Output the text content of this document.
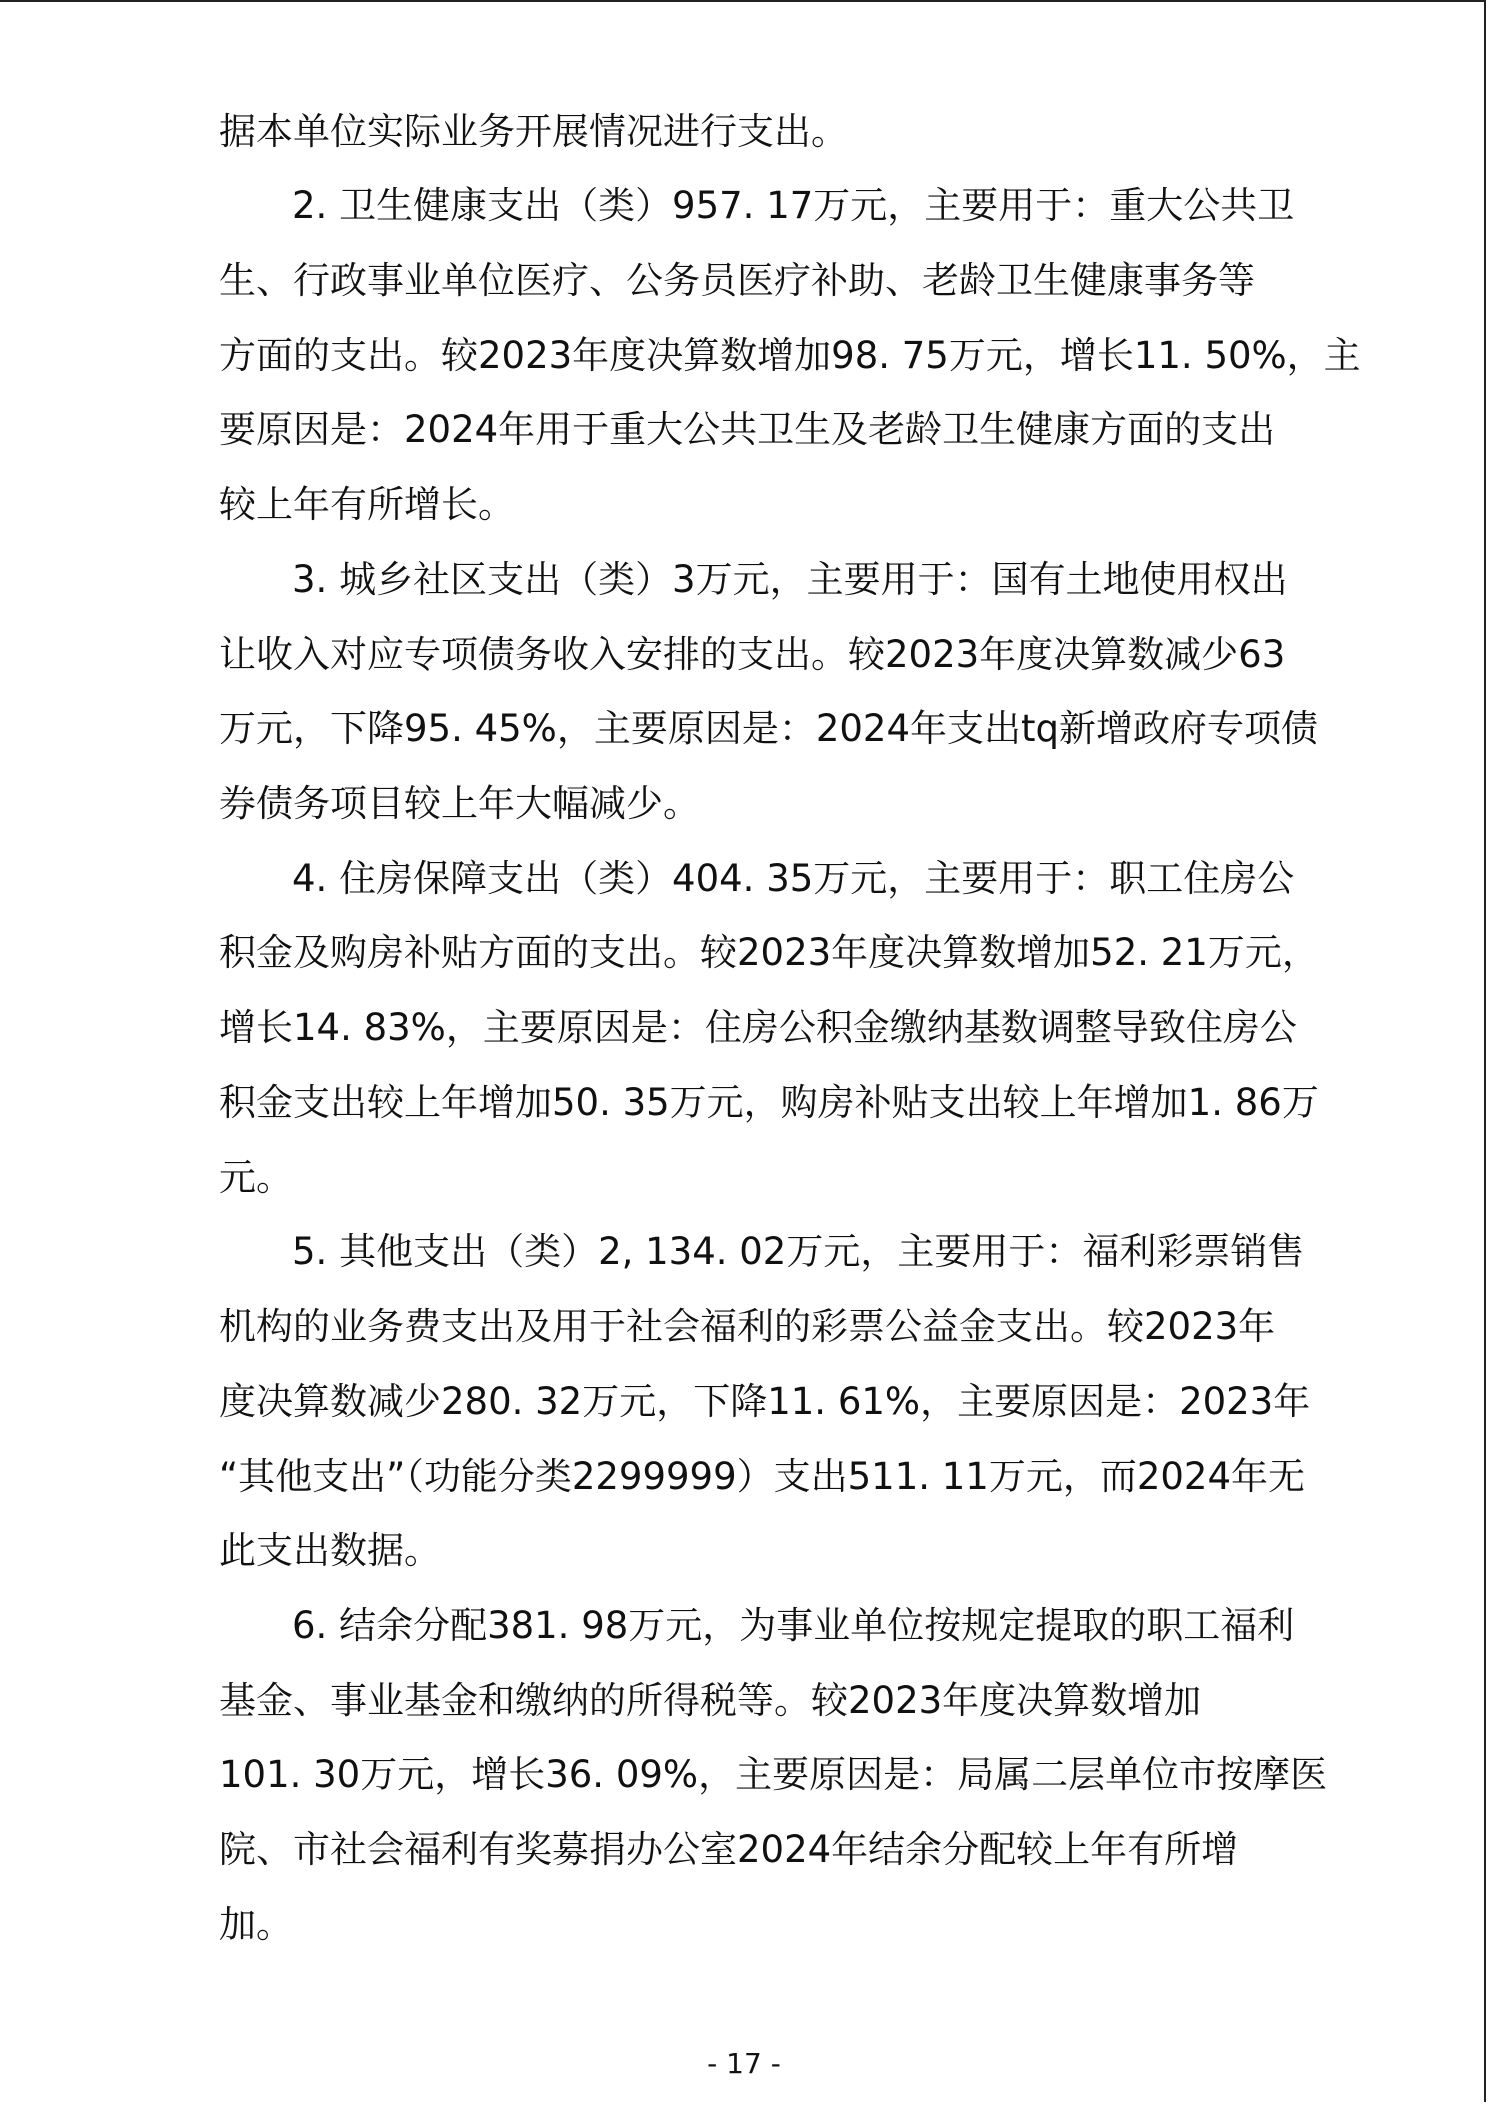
据本单位实际业务开展情况进行支出。
2. 卫生健康支出（类）957. 17万元，主要用于：重大公共卫
生、行政事业单位医疗、公务员医疗补助、老龄卫生健康事务等
方面的支出。较2023年度决算数增加98. 75万元，增长11. 50%，主
要原因是：2024年用于重大公共卫生及老龄卫生健康方面的支出
较上年有所增长。
3. 城乡社区支出（类）3万元，主要用于：国有土地使用权出
让收入对应专项债务收入安排的支出。较2023年度决算数减少63
万元，下降95. 45%，主要原因是：2024年支出tq新增政府专项债
券债务项目较上年大幅减少。
4. 住房保障支出（类）404. 35万元，主要用于：职工住房公
积金及购房补贴方面的支出。较2023年度决算数增加52. 21万元，
增长14. 83%，主要原因是：住房公积金缴纳基数调整导致住房公
积金支出较上年增加50. 35万元，购房补贴支出较上年增加1. 86万
元。
5. 其他支出（类）2, 134. 02万元，主要用于：福利彩票销售
机构的业务费支出及用于社会福利的彩票公益金支出。较2023年
度决算数减少280. 32万元，下降11. 61%，主要原因是：2023年
“其他支出”（功能分类2299999）支出511. 11万元，而2024年无
此支出数据。
6. 结余分配381. 98万元，为事业单位按规定提取的职工福利
基金、事业基金和缴纳的所得税等。较2023年度决算数增加
101. 30万元，增长36. 09%，主要原因是：局属二层单位市按摩医
院、市社会福利有奖募捐办公室2024年结余分配较上年有所增
加。
- 17 -
